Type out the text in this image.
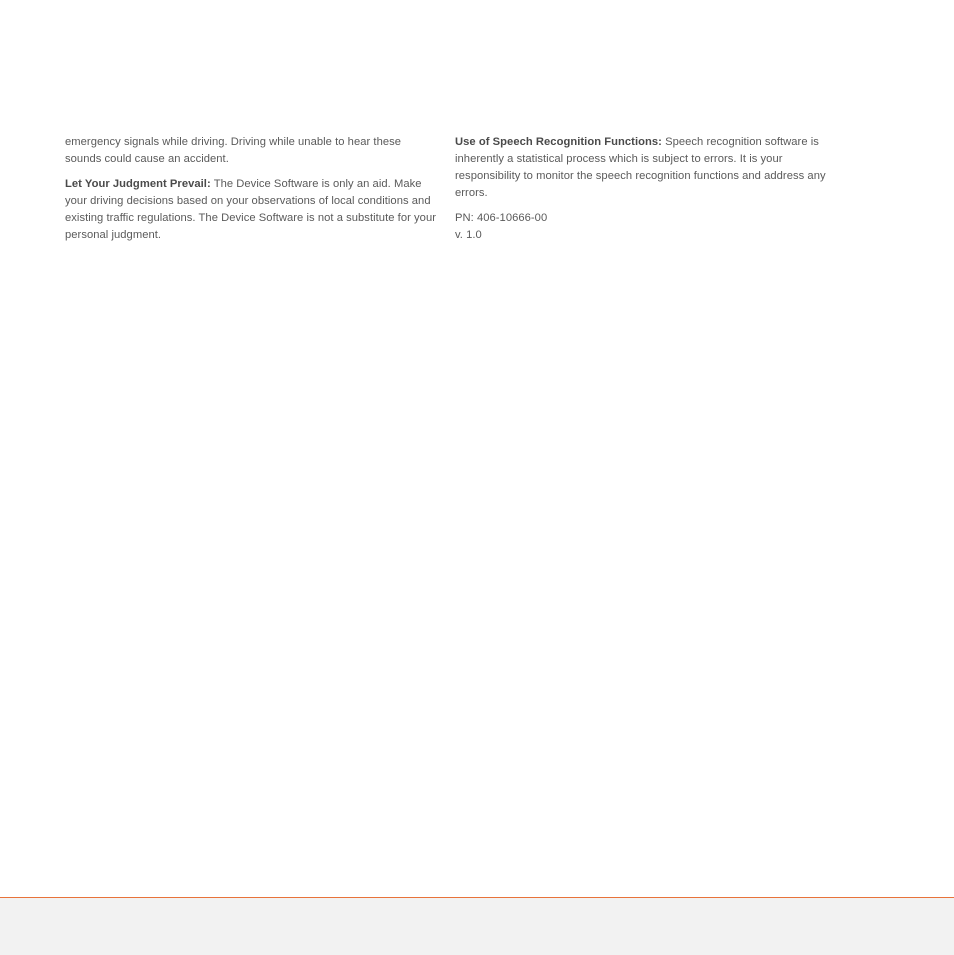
emergency signals while driving. Driving while unable to hear these sounds could cause an accident.

Let Your Judgment Prevail: The Device Software is only an aid. Make your driving decisions based on your observations of local conditions and existing traffic regulations. The Device Software is not a substitute for your personal judgment.

Use of Speech Recognition Functions: Speech recognition software is inherently a statistical process which is subject to errors. It is your responsibility to monitor the speech recognition functions and address any errors.

PN: 406-10666-00
v. 1.0
